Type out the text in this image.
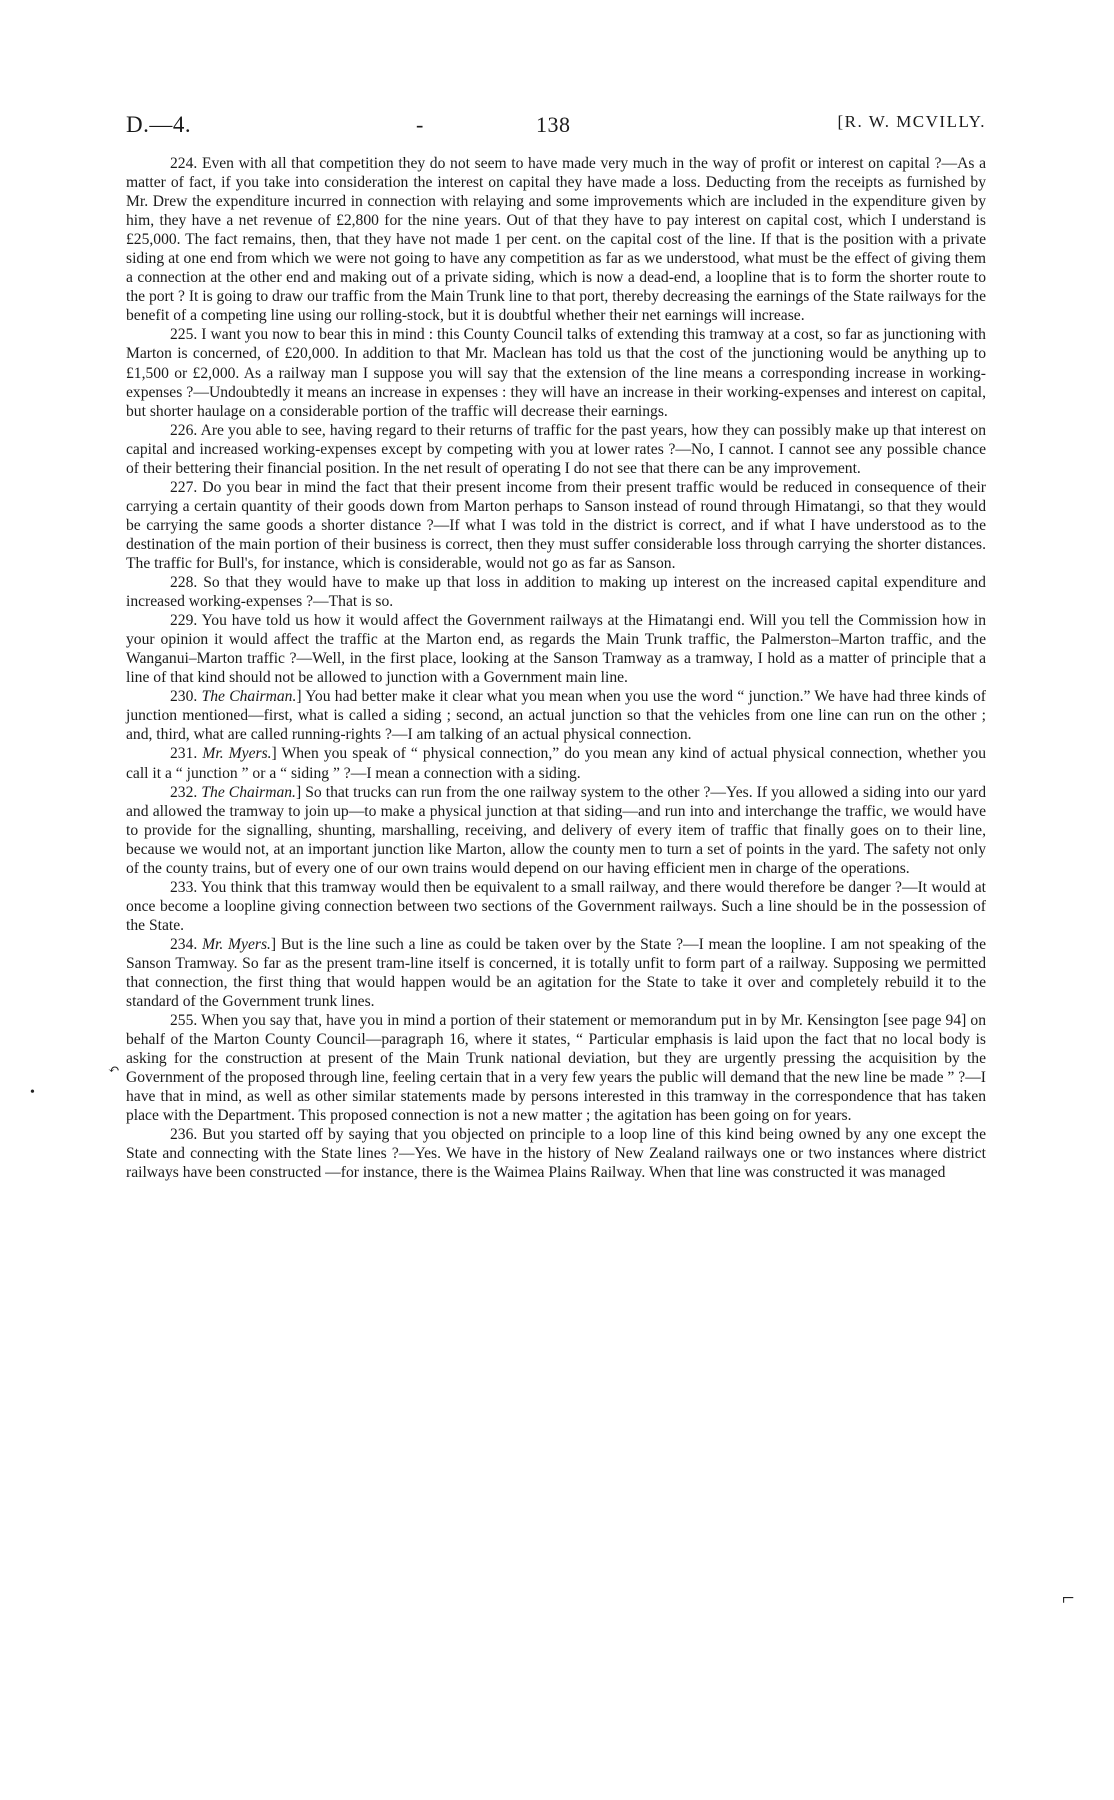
D.—4.	-	138	[R. W. MCVILLY.

224. Even with all that competition they do not seem to have made very much in the way of profit or interest on capital ?—As a matter of fact, if you take into consideration the interest on capital they have made a loss. Deducting from the receipts as furnished by Mr. Drew the expenditure incurred in connection with relaying and some improvements which are included in the expenditure given by him, they have a net revenue of £2,800 for the nine years. Out of that they have to pay interest on capital cost, which I understand is £25,000. The fact remains, then, that they have not made 1 per cent. on the capital cost of the line. If that is the position with a private siding at one end from which we were not going to have any competition as far as we understood, what must be the effect of giving them a connection at the other end and making out of a private siding, which is now a dead-end, a loopline that is to form the shorter route to the port ? It is going to draw our traffic from the Main Trunk line to that port, thereby decreasing the earnings of the State railways for the benefit of a competing line using our rolling-stock, but it is doubtful whether their net earnings will increase.

225. I want you now to bear this in mind : this County Council talks of extending this tramway at a cost, so far as junctioning with Marton is concerned, of £20,000. In addition to that Mr. Maclean has told us that the cost of the junctioning would be anything up to £1,500 or £2,000. As a railway man I suppose you will say that the extension of the line means a corresponding increase in working-expenses ?—Undoubtedly it means an increase in expenses : they will have an increase in their working-expenses and interest on capital, but shorter haulage on a considerable portion of the traffic will decrease their earnings.

226. Are you able to see, having regard to their returns of traffic for the past years, how they can possibly make up that interest on capital and increased working-expenses except by competing with you at lower rates ?—No, I cannot. I cannot see any possible chance of their bettering their financial position. In the net result of operating I do not see that there can be any improvement.

227. Do you bear in mind the fact that their present income from their present traffic would be reduced in consequence of their carrying a certain quantity of their goods down from Marton perhaps to Sanson instead of round through Himatangi, so that they would be carrying the same goods a shorter distance ?—If what I was told in the district is correct, and if what I have understood as to the destination of the main portion of their business is correct, then they must suffer considerable loss through carrying the shorter distances. The traffic for Bull's, for instance, which is considerable, would not go as far as Sanson.

228. So that they would have to make up that loss in addition to making up interest on the increased capital expenditure and increased working-expenses ?—That is so.

229. You have told us how it would affect the Government railways at the Himatangi end. Will you tell the Commission how in your opinion it would affect the traffic at the Marton end, as regards the Main Trunk traffic, the Palmerston–Marton traffic, and the Wanganui–Marton traffic ?—Well, in the first place, looking at the Sanson Tramway as a tramway, I hold as a matter of principle that a line of that kind should not be allowed to junction with a Government main line.

230. The Chairman.] You had better make it clear what you mean when you use the word “ junction.” We have had three kinds of junction mentioned—first, what is called a siding ; second, an actual junction so that the vehicles from one line can run on the other ; and, third, what are called running-rights ?—I am talking of an actual physical connection.

231. Mr. Myers.] When you speak of “ physical connection,” do you mean any kind of actual physical connection, whether you call it a “ junction ” or a “ siding ” ?—I mean a connection with a siding.

232. The Chairman.] So that trucks can run from the one railway system to the other ?—Yes. If you allowed a siding into our yard and allowed the tramway to join up—to make a physical junction at that siding—and run into and interchange the traffic, we would have to provide for the signalling, shunting, marshalling, receiving, and delivery of every item of traffic that finally goes on to their line, because we would not, at an important junction like Marton, allow the county men to turn a set of points in the yard. The safety not only of the county trains, but of every one of our own trains would depend on our having efficient men in charge of the operations.

233. You think that this tramway would then be equivalent to a small railway, and there would therefore be danger ?—It would at once become a loopline giving connection between two sections of the Government railways. Such a line should be in the possession of the State.

234. Mr. Myers.] But is the line such a line as could be taken over by the State ?—I mean the loopline. I am not speaking of the Sanson Tramway. So far as the present tram-line itself is concerned, it is totally unfit to form part of a railway. Supposing we permitted that connection, the first thing that would happen would be an agitation for the State to take it over and completely rebuild it to the standard of the Government trunk lines.

255. When you say that, have you in mind a portion of their statement or memorandum put in by Mr. Kensington [see page 94] on behalf of the Marton County Council—paragraph 16, where it states, “ Particular emphasis is laid upon the fact that no local body is asking for the construction at present of the Main Trunk national deviation, but they are urgently pressing the acquisition by the Government of the proposed through line, feeling certain that in a very few years the public will demand that the new line be made ” ?—I have that in mind, as well as other similar statements made by persons interested in this tramway in the correspondence that has taken place with the Department. This proposed connection is not a new matter ; the agitation has been going on for years.

236. But you started off by saying that you objected on principle to a loop line of this kind being owned by any one except the State and connecting with the State lines ?—Yes. We have in the history of New Zealand railways one or two instances where district railways have been constructed —for instance, there is the Waimea Plains Railway. When that line was constructed it was managed

•
↶
⌐
